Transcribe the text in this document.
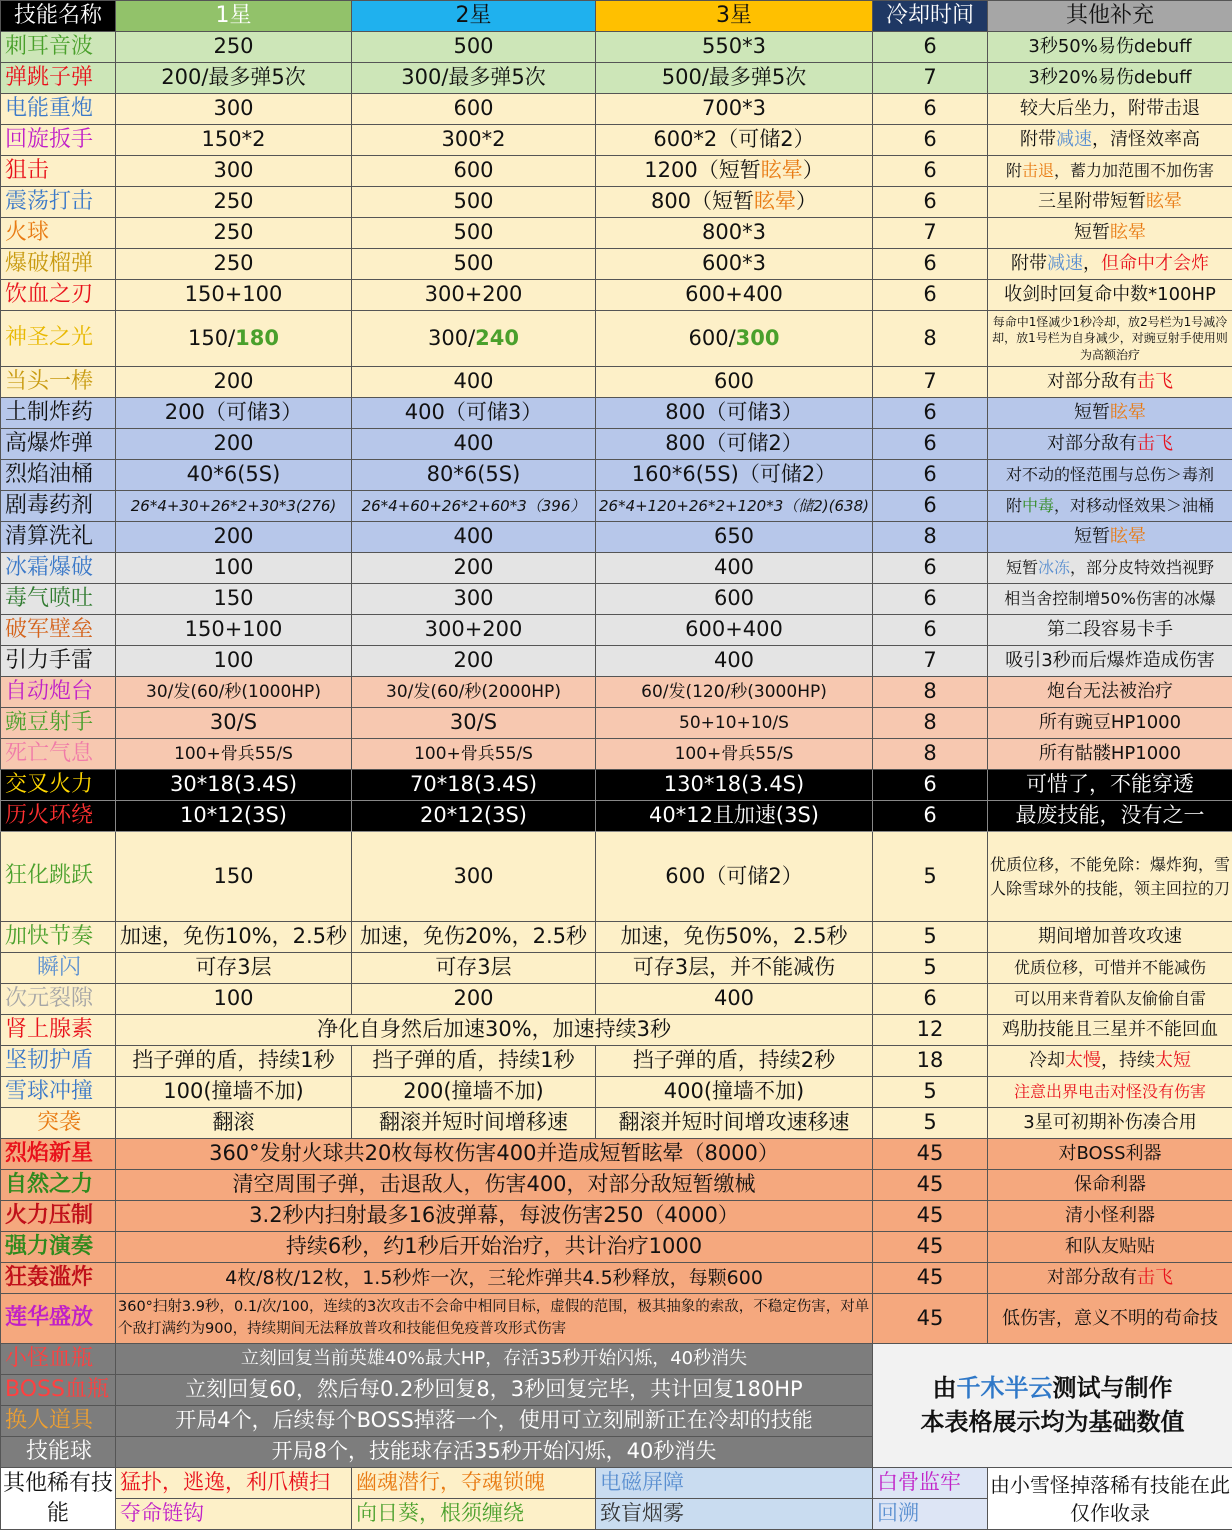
技能名称	1星	2星	3星	冷却时间	其他补充
刺耳音波	250	500	550*3	6	3秒50%易伤debuff
弹跳子弹	200/最多弹5次	300/最多弹5次	500/最多弹5次	7	3秒20%易伤debuff
电能重炮	300	600	700*3	6	较大后坐力，附带击退
回旋扳手	150*2	300*2	600*2（可储2）	6	附带减速，清怪效率高
狙击	300	600	1200（短暂眩晕）	6	附击退，蓄力加范围不加伤害
震荡打击	250	500	800（短暂眩晕）	6	三星附带短暂眩晕
火球	250	500	800*3	7	短暂眩晕
爆破榴弹	250	500	600*3	6	附带减速，但命中才会炸
饮血之刃	150+100	300+200	600+400	6	收剑时回复命中数*100HP
神圣之光	150/180	300/240	600/300	8	每命中1怪减少1秒冷却，放2号栏为1号减冷却，放1号栏为自身减少，对豌豆射手使用则为高额治疗
当头一棒	200	400	600	7	对部分敌有击飞
土制炸药	200（可储3）	400（可储3）	800（可储3）	6	短暂眩晕
高爆炸弹	200	400	800（可储2）	6	对部分敌有击飞
烈焰油桶	40*6(5S)	80*6(5S)	160*6(5S)（可储2）	6	对不动的怪范围与总伤＞毒剂
剧毒药剂	26*4+30+26*2+30*3(276)	26*4+60+26*2+60*3（396）	26*4+120+26*2+120*3（储2)(638)	6	附中毒，对移动怪效果＞油桶
清算洗礼	200	400	650	8	短暂眩晕
冰霜爆破	100	200	400	6	短暂冰冻，部分皮特效挡视野
毒气喷吐	150	300	600	6	相当舍控制增50%伤害的冰爆
破军壁垒	150+100	300+200	600+400	6	第二段容易卡手
引力手雷	100	200	400	7	吸引3秒而后爆炸造成伤害
自动炮台	30/发(60/秒(1000HP)	30/发(60/秒(2000HP)	60/发(120/秒(3000HP)	8	炮台无法被治疗
豌豆射手	30/S	30/S	50+10+10/S	8	所有豌豆HP1000
死亡气息	100+骨兵55/S	100+骨兵55/S	100+骨兵55/S	8	所有骷髅HP1000
交叉火力	30*18(3.4S)	70*18(3.4S)	130*18(3.4S)	6	可惜了，不能穿透
历火环绕	10*12(3S)	20*12(3S)	40*12且加速(3S)	6	最废技能，没有之一
狂化跳跃	150	300	600（可储2）	5	优质位移，不能免除：爆炸狗，雪人除雪球外的技能，领主回拉的刀
加快节奏	加速，免伤10%，2.5秒	加速，免伤20%，2.5秒	加速，免伤50%，2.5秒	5	期间增加普攻攻速
瞬闪	可存3层	可存3层	可存3层，并不能减伤	5	优质位移，可惜并不能减伤
次元裂隙	100	200	400	6	可以用来背着队友偷偷自雷
肾上腺素	净化自身然后加速30%，加速持续3秒			12	鸡肋技能且三星并不能回血
坚韧护盾	挡子弹的盾，持续1秒	挡子弹的盾，持续1秒	挡子弹的盾，持续2秒	18	冷却太慢，持续太短
雪球冲撞	100(撞墙不加)	200(撞墙不加)	400(撞墙不加)	5	注意出界电击对怪没有伤害
突袭	翻滚	翻滚并短时间增移速	翻滚并短时间增攻速移速	5	3星可初期补伤凑合用
烈焰新星	360°发射火球共20枚每枚伤害400并造成短暂眩晕（8000）			45	对BOSS利器
自然之力	清空周围子弹，击退敌人，伤害400，对部分敌短暂缴械			45	保命利器
火力压制	3.2秒内扫射最多16波弹幕，每波伤害250（4000）			45	清小怪利器
强力演奏	持续6秒，约1秒后开始治疗，共计治疗1000			45	和队友贴贴
狂轰滥炸	4枚/8枚/12枚，1.5秒炸一次，三轮炸弹共4.5秒释放，每颗600			45	对部分敌有击飞
莲华盛放	360°扫射3.9秒，0.1/次/100，连续的3次攻击不会命中相同目标，虚假的范围，极其抽象的索敌，不稳定伤害，对单个敌打满约为900，持续期间无法释放普攻和技能但免疫普攻形式伤害			45	低伤害，意义不明的苟命技
小怪血瓶	立刻回复当前英雄40%最大HP，存活35秒开始闪烁，40秒消失			由千木半云测试与制作
本表格展示均为基础数值	

BOSS血瓶	立刻回复60，然后每0.2秒回复8，3秒回复完毕，共计回复180HP				
换人道具	开局4个，后续每个BOSS掉落一个，使用可立刻刷新正在冷却的技能				
技能球	开局8个，技能球存活35秒开始闪烁，40秒消失				
其他稀有技能	猛扑，逃逸，利爪横扫	幽魂潜行，夺魂锁魄	电磁屏障	白骨监牢	由小雪怪掉落稀有技能在此仅作收录
	夺命链钩	向日葵，根须缠绕	致盲烟雾	回溯	
